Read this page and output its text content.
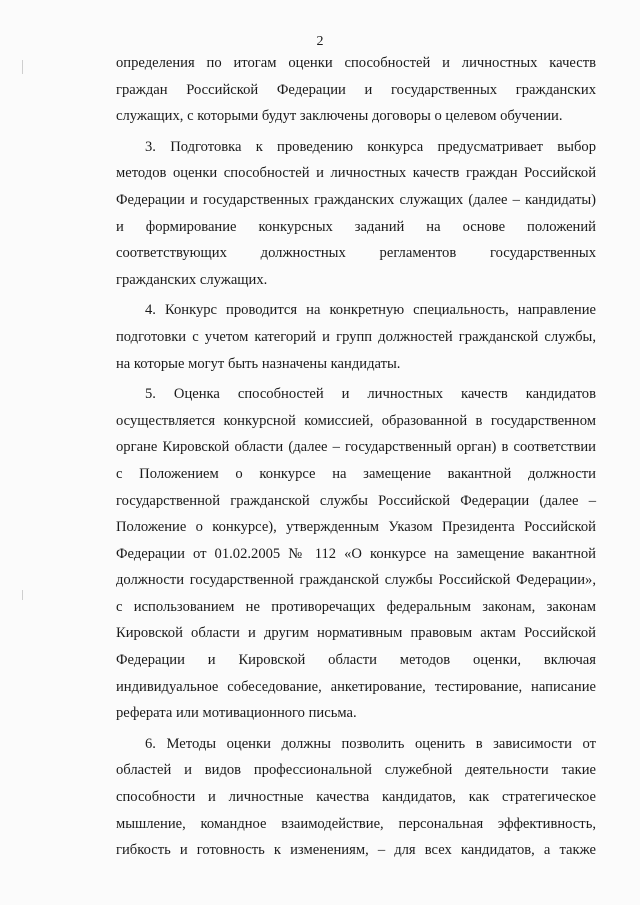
2

определения по итогам оценки способностей и личностных качеств

граждан Российской Федерации и государственных гражданских

служащих, с которыми будут заключены договоры о целевом обучении.

3. Подготовка к проведению конкурса предусматривает выбор

методов оценки способностей и личностных качеств граждан Российской

Федерации и государственных гражданских служащих (далее – кандидаты)

и формирование конкурсных заданий на основе положений

соответствующих должностных регламентов государственных

гражданских служащих.

4. Конкурс проводится на конкретную специальность, направление

подготовки с учетом категорий и групп должностей гражданской службы,

на которые могут быть назначены кандидаты.

5. Оценка способностей и личностных качеств кандидатов

осуществляется конкурсной комиссией, образованной в государственном

органе Кировской области (далее – государственный орган) в соответствии

с Положением о конкурсе на замещение вакантной должности

государственной гражданской службы Российской Федерации (далее –

Положение о конкурсе), утвержденным Указом Президента Российской

Федерации от 01.02.2005 № 112 «О конкурсе на замещение вакантной

должности государственной гражданской службы Российской Федерации»,

с использованием не противоречащих федеральным законам, законам

Кировской области и другим нормативным правовым актам Российской

Федерации и Кировской области методов оценки, включая

индивидуальное собеседование, анкетирование, тестирование, написание

реферата или мотивационного письма.

6. Методы оценки должны позволить оценить в зависимости от

областей и видов профессиональной служебной деятельности такие

способности и личностные качества кандидатов, как стратегическое

мышление, командное взаимодействие, персональная эффективность,

гибкость и готовность к изменениям, – для всех кандидатов, а также
